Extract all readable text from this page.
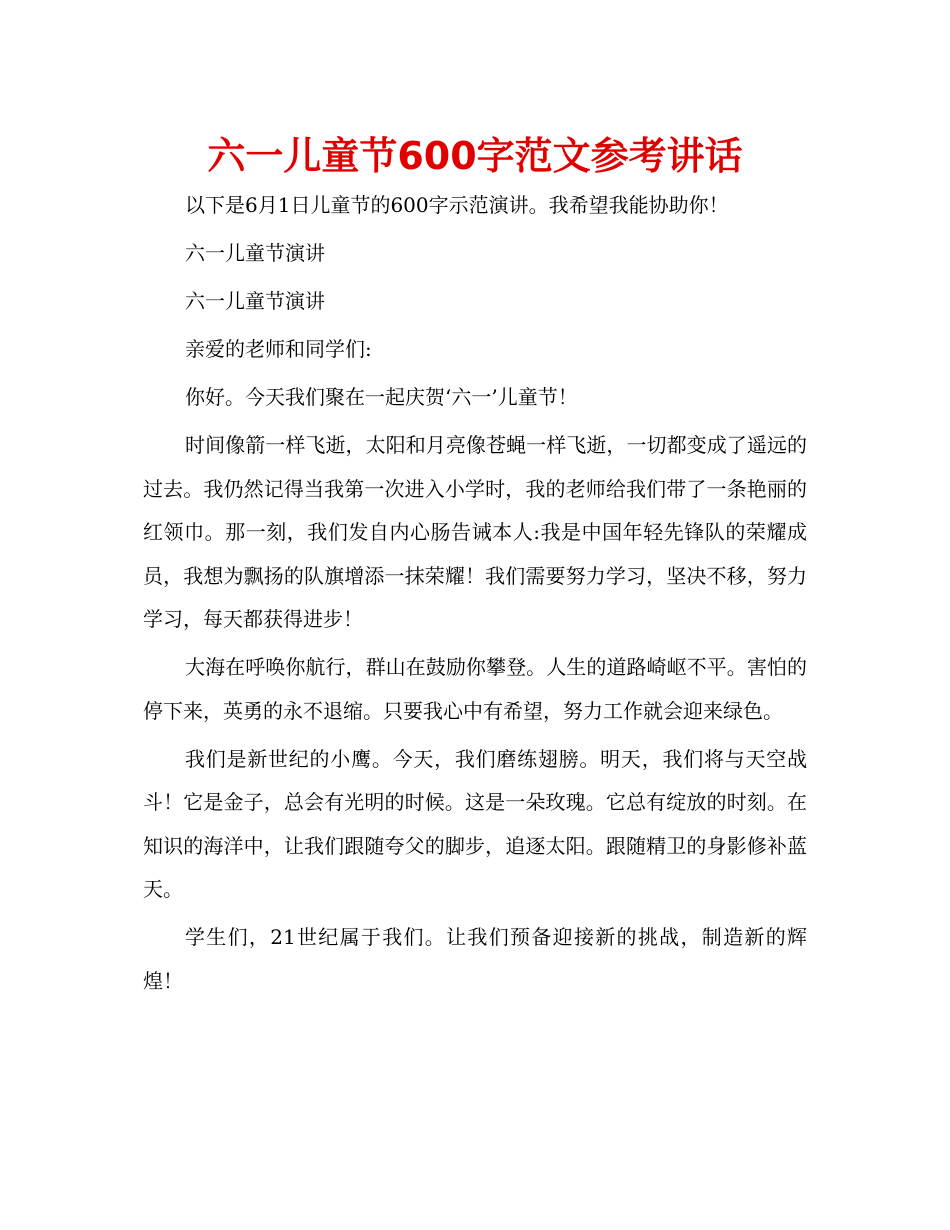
六一儿童节600字范文参考讲话

以下是6月1日儿童节的600字示范演讲。我希望我能协助你！

六一儿童节演讲

六一儿童节演讲

亲爱的老师和同学们:

你好。今天我们聚在一起庆贺‘六一’儿童节！

时间像箭一样飞逝，太阳和月亮像苍蝇一样飞逝，一切都变成了遥远的过去。我仍然记得当我第一次进入小学时，我的老师给我们带了一条艳丽的红领巾。那一刻，我们发自内心肠告诫本人:我是中国年轻先锋队的荣耀成员，我想为飘扬的队旗增添一抹荣耀！我们需要努力学习，坚决不移，努力学习，每天都获得进步！

大海在呼唤你航行，群山在鼓励你攀登。人生的道路崎岖不平。害怕的停下来，英勇的永不退缩。只要我心中有希望，努力工作就会迎来绿色。

我们是新世纪的小鹰。今天，我们磨练翅膀。明天，我们将与天空战斗！它是金子，总会有光明的时候。这是一朵玫瑰。它总有绽放的时刻。在知识的海洋中，让我们跟随夸父的脚步，追逐太阳。跟随精卫的身影修补蓝天。

学生们，21世纪属于我们。让我们预备迎接新的挑战，制造新的辉煌！
